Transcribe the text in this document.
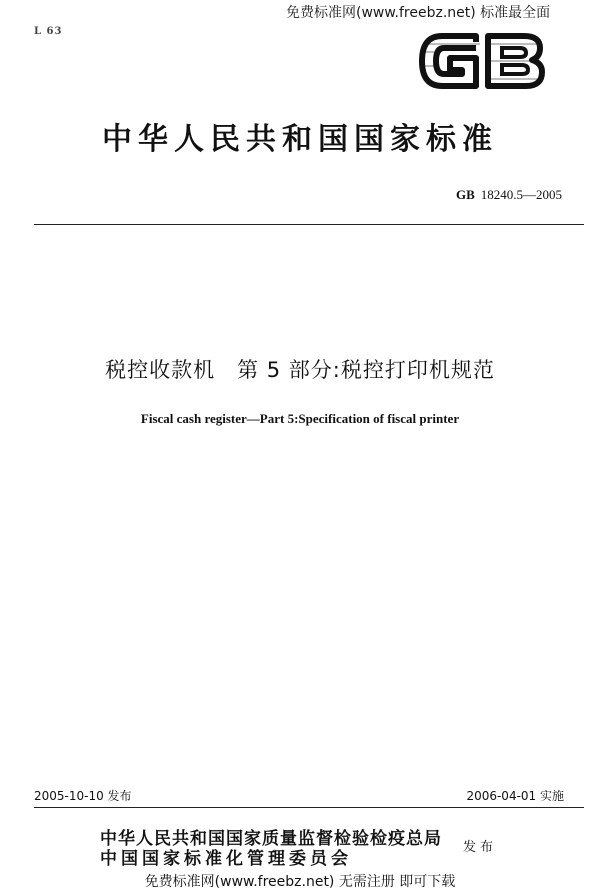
L 63
免费标准网(www.freebz.net) 标准最全面
中华人民共和国国家标准
GB 18240.5—2005
税控收款机 第 5 部分:税控打印机规范
Fiscal cash register—Part 5:Specification of fiscal printer
2005-10-10 发布	2006-04-01 实施
中华人民共和国国家质量监督检验检疫总局
中国国家标准化管理委员会
发布
免费标准网(www.freebz.net) 无需注册 即可下载
